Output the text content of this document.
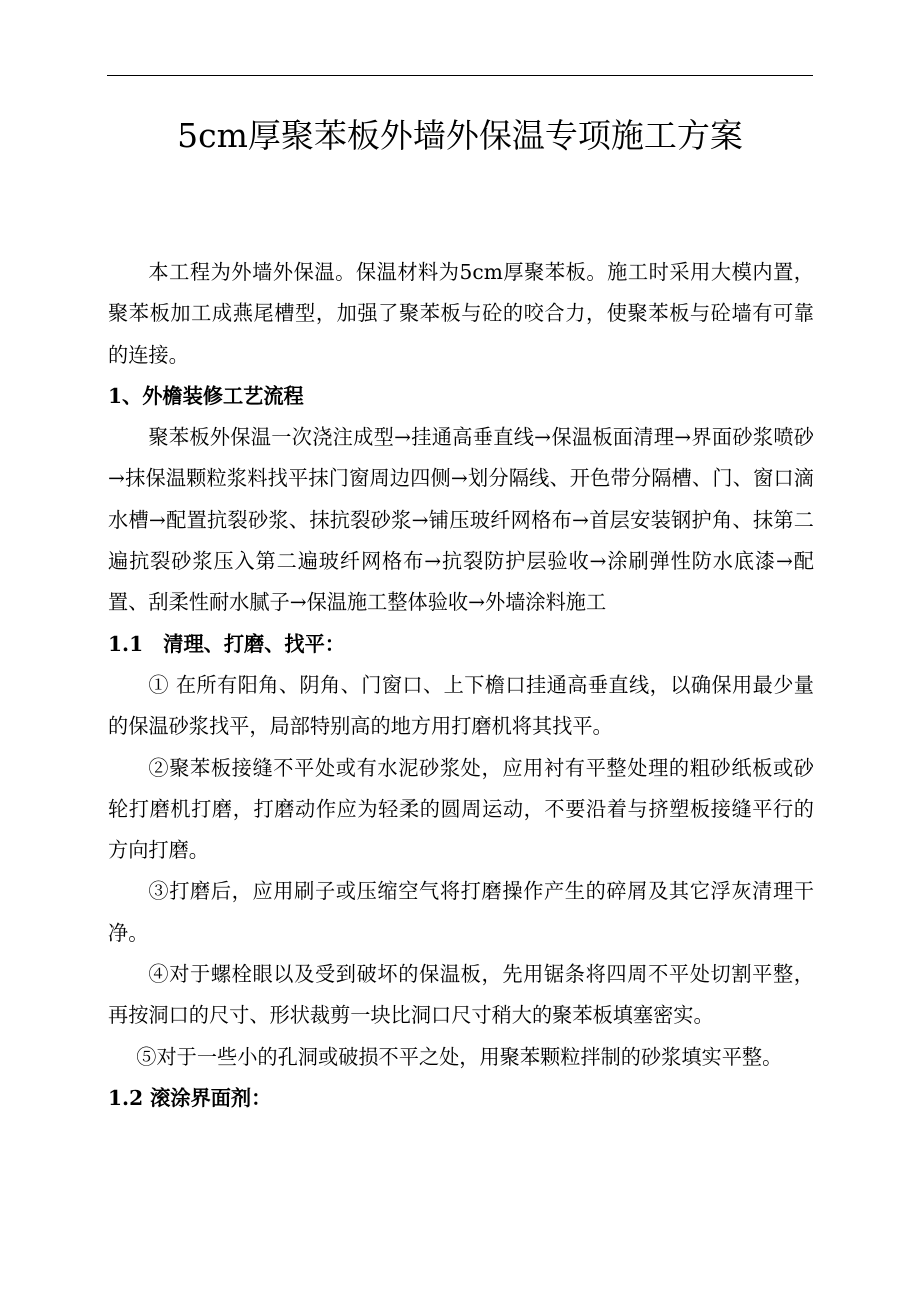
5cm厚聚苯板外墙外保温专项施工方案

本工程为外墙外保温。保温材料为5cm厚聚苯板。施工时采用大模内置，聚苯板加工成燕尾槽型，加强了聚苯板与砼的咬合力，使聚苯板与砼墙有可靠的连接。

1、外檐装修工艺流程

聚苯板外保温一次浇注成型→挂通高垂直线→保温板面清理→界面砂浆喷砂→抹保温颗粒浆料找平抹门窗周边四侧→划分隔线、开色带分隔槽、门、窗口滴水槽→配置抗裂砂浆、抹抗裂砂浆→铺压玻纤网格布→首层安装钢护角、抹第二遍抗裂砂浆压入第二遍玻纤网格布→抗裂防护层验收→涂刷弹性防水底漆→配置、刮柔性耐水腻子→保温施工整体验收→外墙涂料施工

1.1　清理、打磨、找平：

① 在所有阳角、阴角、门窗口、上下檐口挂通高垂直线，以确保用最少量的保温砂浆找平，局部特别高的地方用打磨机将其找平。

②聚苯板接缝不平处或有水泥砂浆处，应用衬有平整处理的粗砂纸板或砂轮打磨机打磨，打磨动作应为轻柔的圆周运动，不要沿着与挤塑板接缝平行的方向打磨。

③打磨后，应用刷子或压缩空气将打磨操作产生的碎屑及其它浮灰清理干净。

④对于螺栓眼以及受到破坏的保温板，先用锯条将四周不平处切割平整，再按洞口的尺寸、形状裁剪一块比洞口尺寸稍大的聚苯板填塞密实。

⑤对于一些小的孔洞或破损不平之处，用聚苯颗粒拌制的砂浆填实平整。

1.2 滚涂界面剂：
